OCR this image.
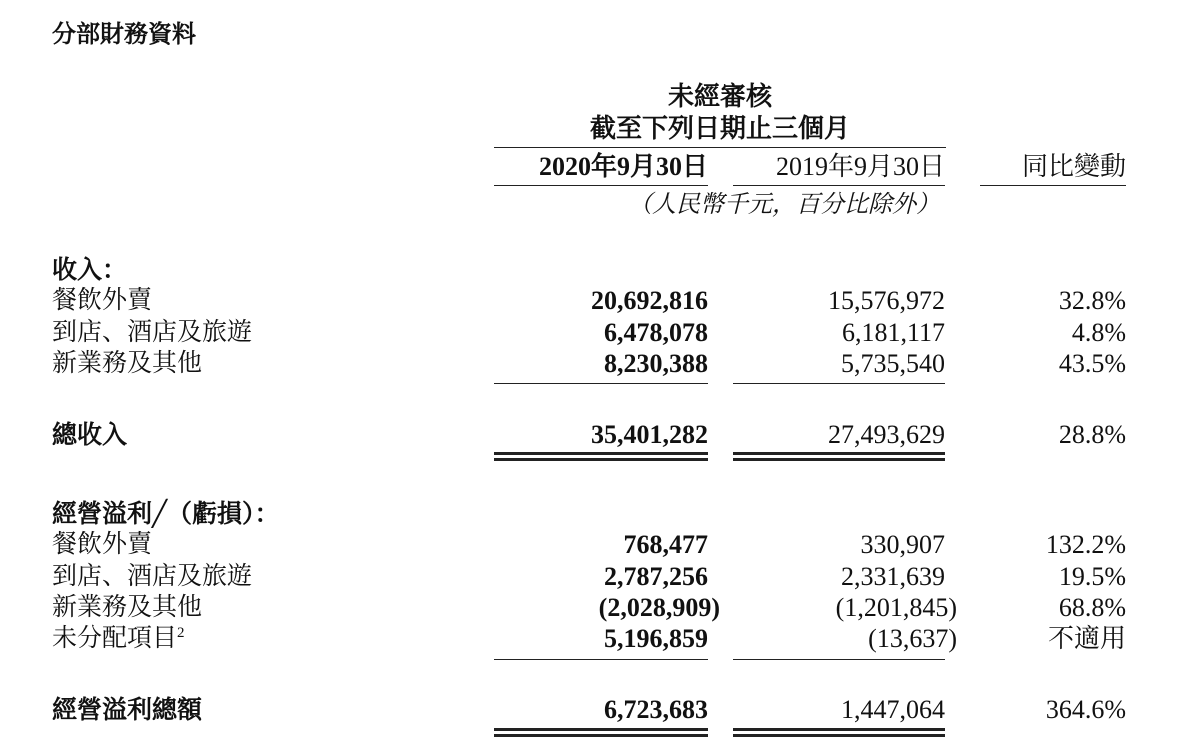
分部財務資料
未經審核
截至下列日期止三個月
2020年9月30日	2019年9月30日	同比變動
（人民幣千元，百分比除外）
收入：
餐飲外賣	20,692,816	15,576,972	32.8%
到店、酒店及旅遊	6,478,078	6,181,117	4.8%
新業務及其他	8,230,388	5,735,540	43.5%
總收入	35,401,282	27,493,629	28.8%
經營溢利╱（虧損）：
餐飲外賣	768,477	330,907	132.2%
到店、酒店及旅遊	2,787,256	2,331,639	19.5%
新業務及其他	(2,028,909)	(1,201,845)	68.8%
未分配項目$^2$	5,196,859	(13,637)	不適用
經營溢利總額	6,723,683	1,447,064	364.6%
